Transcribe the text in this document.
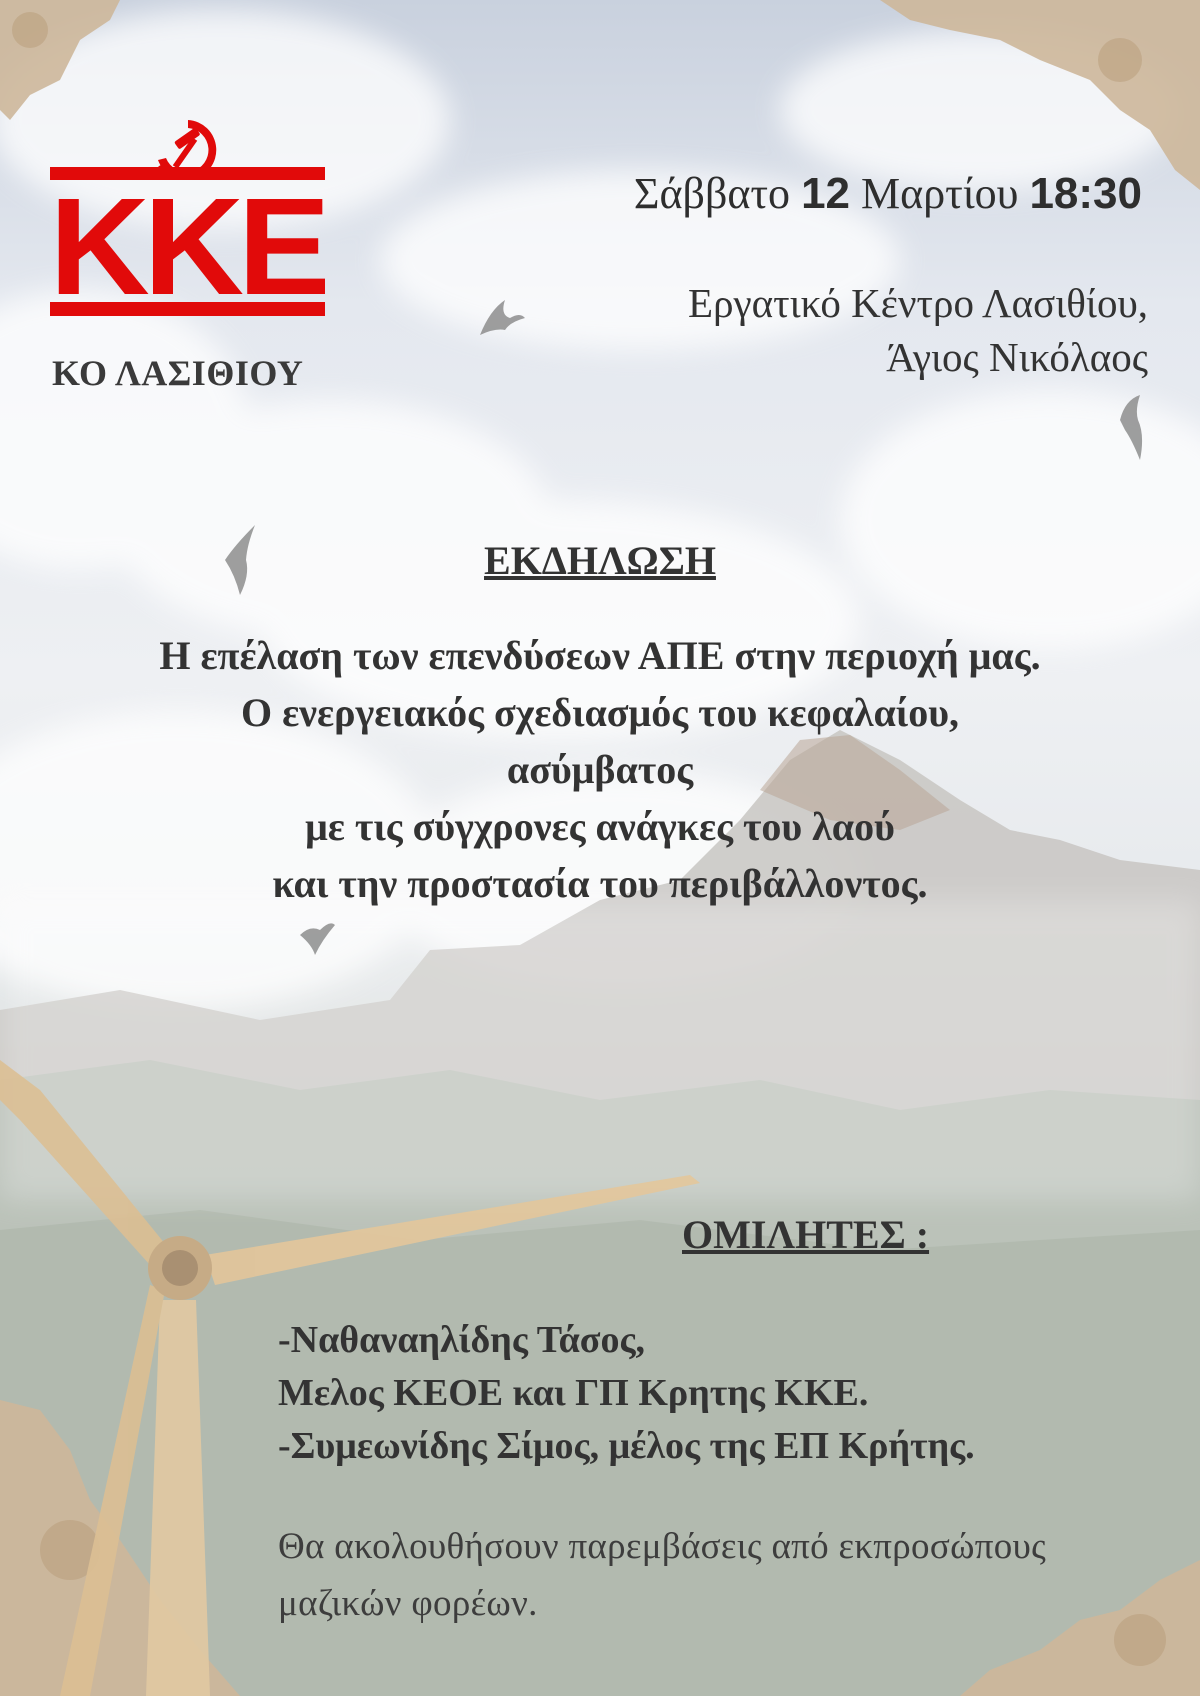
ΚΚΕ
ΚΟ ΛΑΣΙΘΙΟΥ
Σάββατο 12 Μαρτίου 18:30
Εργατικό Κέντρο Λασιθίου,
Άγιος Νικόλαος
ΕΚΔΗΛΩΣΗ
Η επέλαση των επενδύσεων ΑΠΕ στην περιοχή μας.
Ο ενεργειακός σχεδιασμός του κεφαλαίου,
ασύμβατος
με τις σύγχρονες ανάγκες του λαού
και την προστασία του περιβάλλοντος.
ΟΜΙΛΗΤΕΣ :
-Ναθαναηλίδης Τάσος,
Μελος ΚΕΟΕ και ΓΠ Κρητης ΚΚΕ.
-Συμεωνίδης Σίμος, μέλος της ΕΠ Κρήτης.
Θα ακολουθήσουν παρεμβάσεις από εκπροσώπους μαζικών φορέων.
